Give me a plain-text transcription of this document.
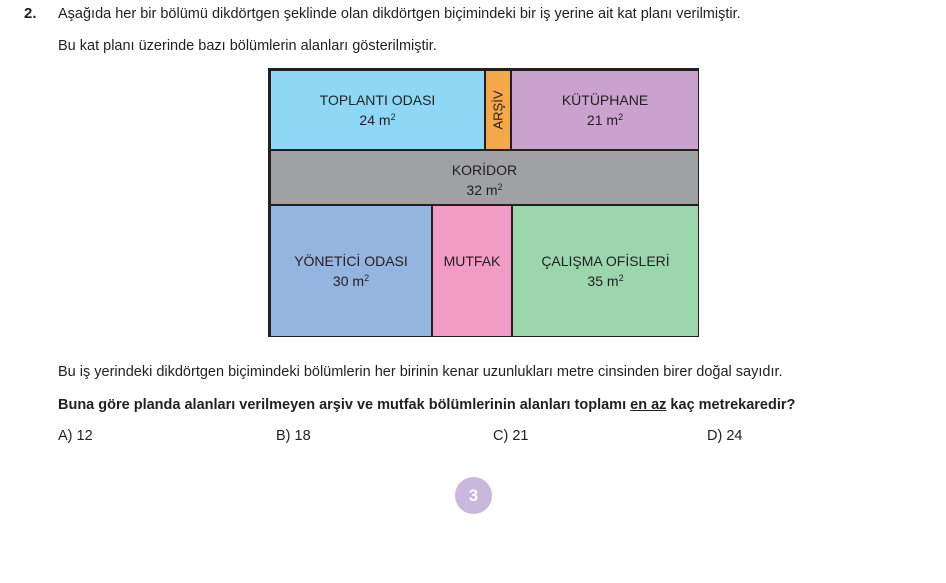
2. Aşağıda her bir bölümü dikdörtgen şeklinde olan dikdörtgen biçimindeki bir iş yerine ait kat planı verilmiştir.
Bu kat planı üzerinde bazı bölümlerin alanları gösterilmiştir.
TOPLANTI ODASI
24 $m^2$	ARŞİV	KÜTÜPHANE
21 $m^2$
KORİDOR
32 $m^2$
YÖNETİCİ ODASI
30 $m^2$
MUTFAK	ÇALIŞMA OFİSLERİ
35 $m^2$
Bu iş yerindeki dikdörtgen biçimindeki bölümlerin her birinin kenar uzunlukları metre cinsinden birer doğal sayıdır.
Buna göre planda alanları verilmeyen arşiv ve mutfak bölümlerinin alanları toplamı en az kaç metrekaredir?
A) 12	B) 18	C) 21	D) 24
3
